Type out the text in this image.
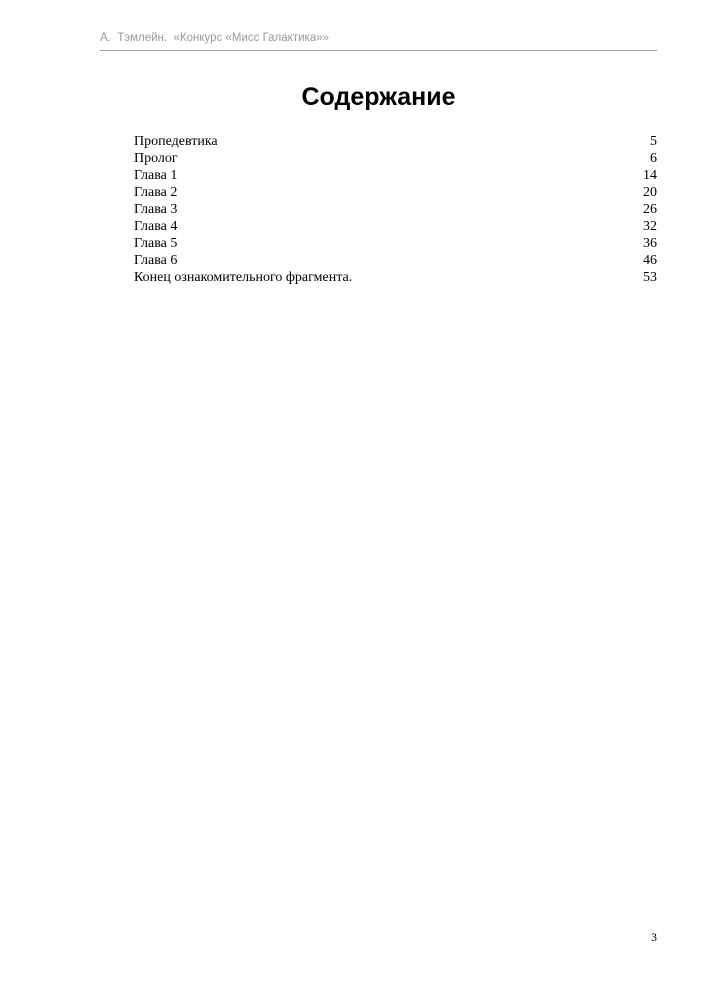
А.  Тэмлейн.  «Конкурс «Мисс Галактика»»
Содержание
Пропедевтика	5
Пролог	6
Глава 1	14
Глава 2	20
Глава 3	26
Глава 4	32
Глава 5	36
Глава 6	46
Конец ознакомительного фрагмента.	53
3
